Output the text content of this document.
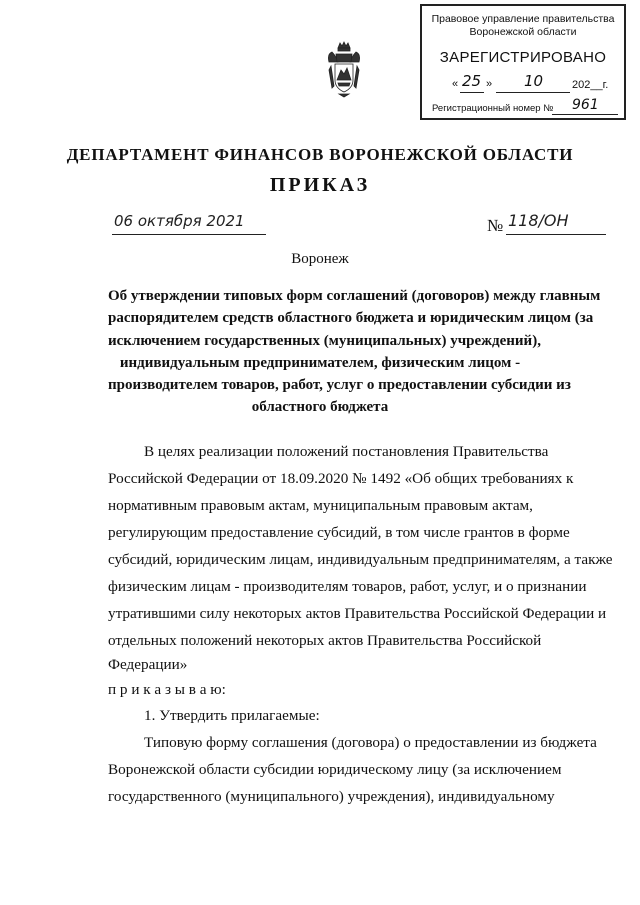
Правовое управление правительства
Воронежской области
ЗАРЕГИСТРИРОВАНО
« 25 » 10	202__г.
Регистрационный номер № 961
ДЕПАРТАМЕНТ ФИНАНСОВ ВОРОНЕЖСКОЙ ОБЛАСТИ
ПРИКАЗ
06 октября 2021	№ 118/ОН
Воронеж
Об утверждении типовых форм соглашений (договоров) между главным
распорядителем средств областного бюджета и юридическим лицом (за
исключением государственных (муниципальных) учреждений),
индивидуальным предпринимателем, физическим лицом -
производителем товаров, работ, услуг о предоставлении субсидии из
областного бюджета
В целях реализации положений постановления Правительства
Российской Федерации от 18.09.2020 № 1492 «Об общих требованиях к
нормативным правовым актам, муниципальным правовым актам,
регулирующим предоставление субсидий, в том числе грантов в форме
субсидий, юридическим лицам, индивидуальным предпринимателям, а также
физическим лицам - производителям товаров, работ, услуг, и о признании
утратившими силу некоторых актов Правительства Российской Федерации и
отдельных положений некоторых актов Правительства Российской
Федерации»
п р и к а з ы в а ю:
1. Утвердить прилагаемые:
Типовую форму соглашения (договора) о предоставлении из бюджета
Воронежской области субсидии юридическому лицу (за исключением
государственного (муниципального) учреждения), индивидуальному
